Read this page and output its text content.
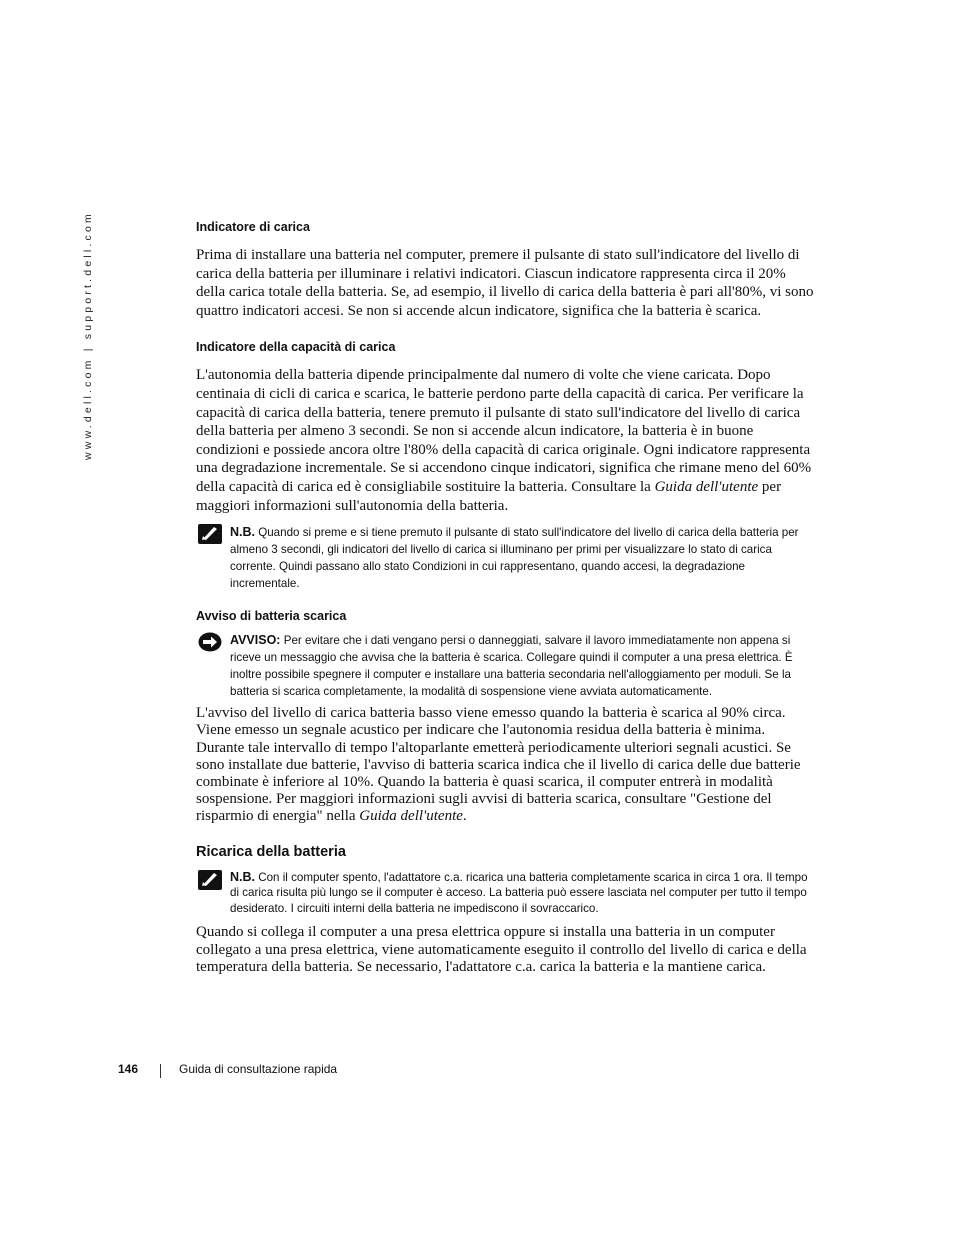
www.dell.com | support.dell.com	Indicatore di carica

Prima di installare una batteria nel computer, premere il pulsante di stato sull'indicatore del livello di carica della batteria per illuminare i relativi indicatori. Ciascun indicatore rappresenta circa il 20% della carica totale della batteria. Se, ad esempio, il livello di carica della batteria è pari all'80%, vi sono quattro indicatori accesi. Se non si accende alcun indicatore, significa che la batteria è scarica.

Indicatore della capacità di carica

L'autonomia della batteria dipende principalmente dal numero di volte che viene caricata. Dopo centinaia di cicli di carica e scarica, le batterie perdono parte della capacità di carica. Per verificare la capacità di carica della batteria, tenere premuto il pulsante di stato sull'indicatore del livello di carica della batteria per almeno 3 secondi. Se non si accende alcun indicatore, la batteria è in buone condizioni e possiede ancora oltre l'80% della capacità di carica originale. Ogni indicatore rappresenta una degradazione incrementale. Se si accendono cinque indicatori, significa che rimane meno del 60% della capacità di carica ed è consigliabile sostituire la batteria. Consultare la Guida dell'utente per maggiori informazioni sull'autonomia della batteria.

N.B. Quando si preme e si tiene premuto il pulsante di stato sull'indicatore del livello di carica della batteria per almeno 3 secondi, gli indicatori del livello di carica si illuminano per primi per visualizzare lo stato di carica corrente. Quindi passano allo stato Condizioni in cui rappresentano, quando accesi, la degradazione incrementale.
Avviso di batteria scarica
AVVISO: Per evitare che i dati vengano persi o danneggiati, salvare il lavoro immediatamente non appena si riceve un messaggio che avvisa che la batteria è scarica. Collegare quindi il computer a una presa elettrica. È inoltre possibile spegnere il computer e installare una batteria secondaria nell'alloggiamento per moduli. Se la batteria si scarica completamente, la modalità di sospensione viene avviata automaticamente.

L'avviso del livello di carica batteria basso viene emesso quando la batteria è scarica al 90% circa. Viene emesso un segnale acustico per indicare che l'autonomia residua della batteria è minima. Durante tale intervallo di tempo l'altoparlante emetterà periodicamente ulteriori segnali acustici. Se sono installate due batterie, l'avviso di batteria scarica indica che il livello di carica delle due batterie combinate è inferiore al 10%. Quando la batteria è quasi scarica, il computer entrerà in modalità sospensione. Per maggiori informazioni sugli avvisi di batteria scarica, consultare "Gestione del risparmio di energia" nella Guida dell'utente.

Ricarica della batteria
N.B. Con il computer spento, l'adattatore c.a. ricarica una batteria completamente scarica in circa 1 ora. Il tempo di carica risulta più lungo se il computer è acceso. La batteria può essere lasciata nel computer per tutto il tempo desiderato. I circuiti interni della batteria ne impediscono il sovraccarico.

Quando si collega il computer a una presa elettrica oppure si installa una batteria in un computer collegato a una presa elettrica, viene automaticamente eseguito il controllo del livello di carica e della temperatura della batteria. Se necessario, l'adattatore c.a. carica la batteria e la mantiene carica.

146	Guida di consultazione rapida
